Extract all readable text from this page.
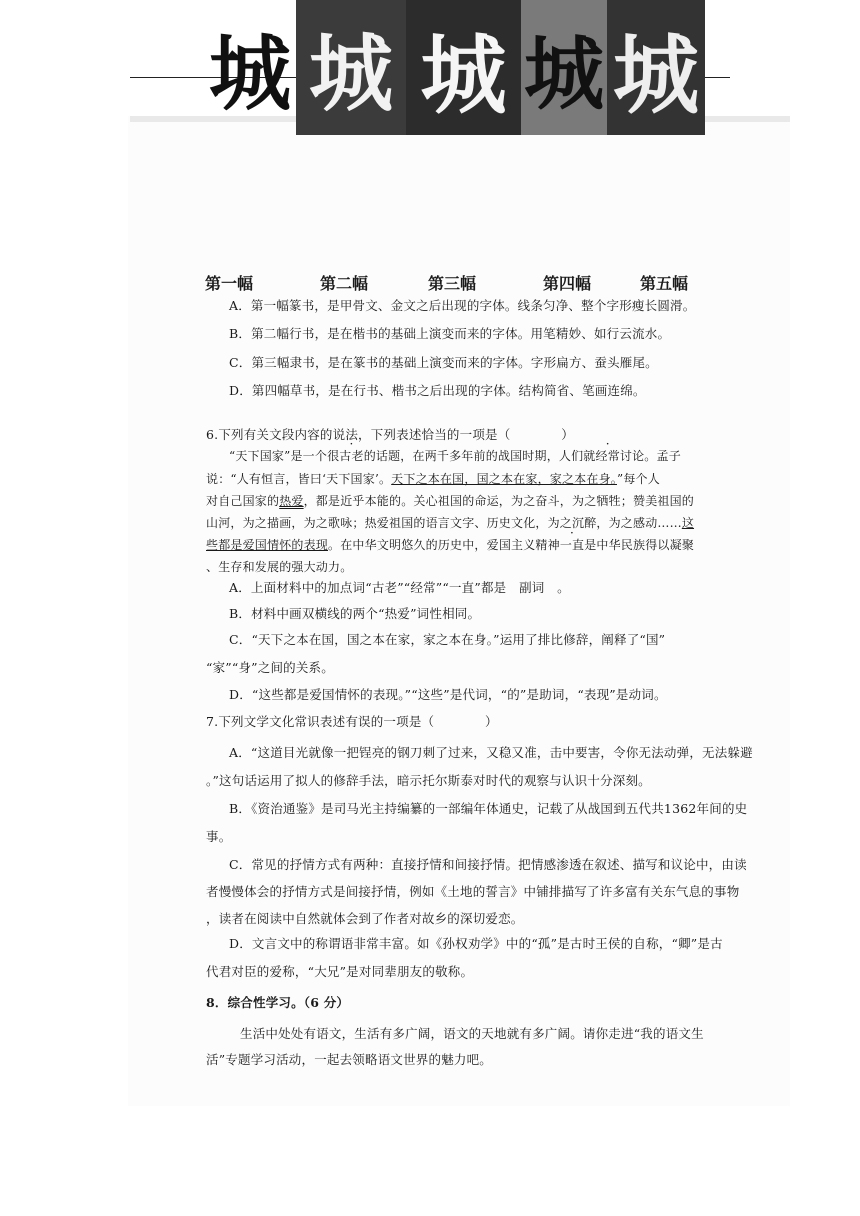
城 城 城 城 城
第一幅	第二幅	第三幅	第四幅	第五幅
A．第一幅篆书，是甲骨文、金文之后出现的字体。线条匀净、整个字形瘦长圆滑。
B．第二幅行书，是在楷书的基础上演变而来的字体。用笔精妙、如行云流水。
C．第三幅隶书，是在篆书的基础上演变而来的字体。字形扁方、蚕头雁尾。
D．第四幅草书，是在行书、楷书之后出现的字体。结构简省、笔画连绵。
6.下列有关文段内容的说法，下列表述恰当的一项是（　　　　）
“天下国家”是一个很古老的话题，在两千多年前的战国时期，人们就经常讨论。孟子
说：“人有恒言，皆曰‘天下国家’。天下之本在国，国之本在家，家之本在身。”每个人
对自己国家的热爱，都是近乎本能的。关心祖国的命运，为之奋斗，为之牺牲；赞美祖国的
山河，为之描画，为之歌咏；热爱祖国的语言文字、历史文化，为之沉醉，为之感动……这
些都是爱国情怀的表现。在中华文明悠久的历史中，爱国主义精神一直是中华民族得以凝聚
、生存和发展的强大动力。
A．上面材料中的加点词“古老”“经常”“一直”都是　副词　。
B．材料中画双横线的两个“热爱”词性相同。
C．“天下之本在国，国之本在家，家之本在身。”运用了排比修辞，阐释了“国”
“家”“身”之间的关系。
D．“这些都是爱国情怀的表现。”“这些”是代词，“的”是助词，“表现”是动词。
7.下列文学文化常识表述有误的一项是（　　　　）
A．“这道目光就像一把锃亮的钢刀刺了过来，又稳又准，击中要害，令你无法动弹，无法躲避
。”这句话运用了拟人的修辞手法，暗示托尔斯泰对时代的观察与认识十分深刻。
B．《资治通鉴》是司马光主持编纂的一部编年体通史，记载了从战国到五代共1362年间的史
事。
C．常见的抒情方式有两种：直接抒情和间接抒情。把情感渗透在叙述、描写和议论中，由读
者慢慢体会的抒情方式是间接抒情，例如《土地的誓言》中铺排描写了许多富有关东气息的事物
，读者在阅读中自然就体会到了作者对故乡的深切爱恋。
D．文言文中的称谓语非常丰富。如《孙权劝学》中的“孤”是古时王侯的自称，“卿”是古
代君对臣的爱称，“大兄”是对同辈朋友的敬称。
8．综合性学习。（6 分）
生活中处处有语文，生活有多广阔，语文的天地就有多广阔。请你走进“我的语文生
活”专题学习活动，一起去领略语文世界的魅力吧。
